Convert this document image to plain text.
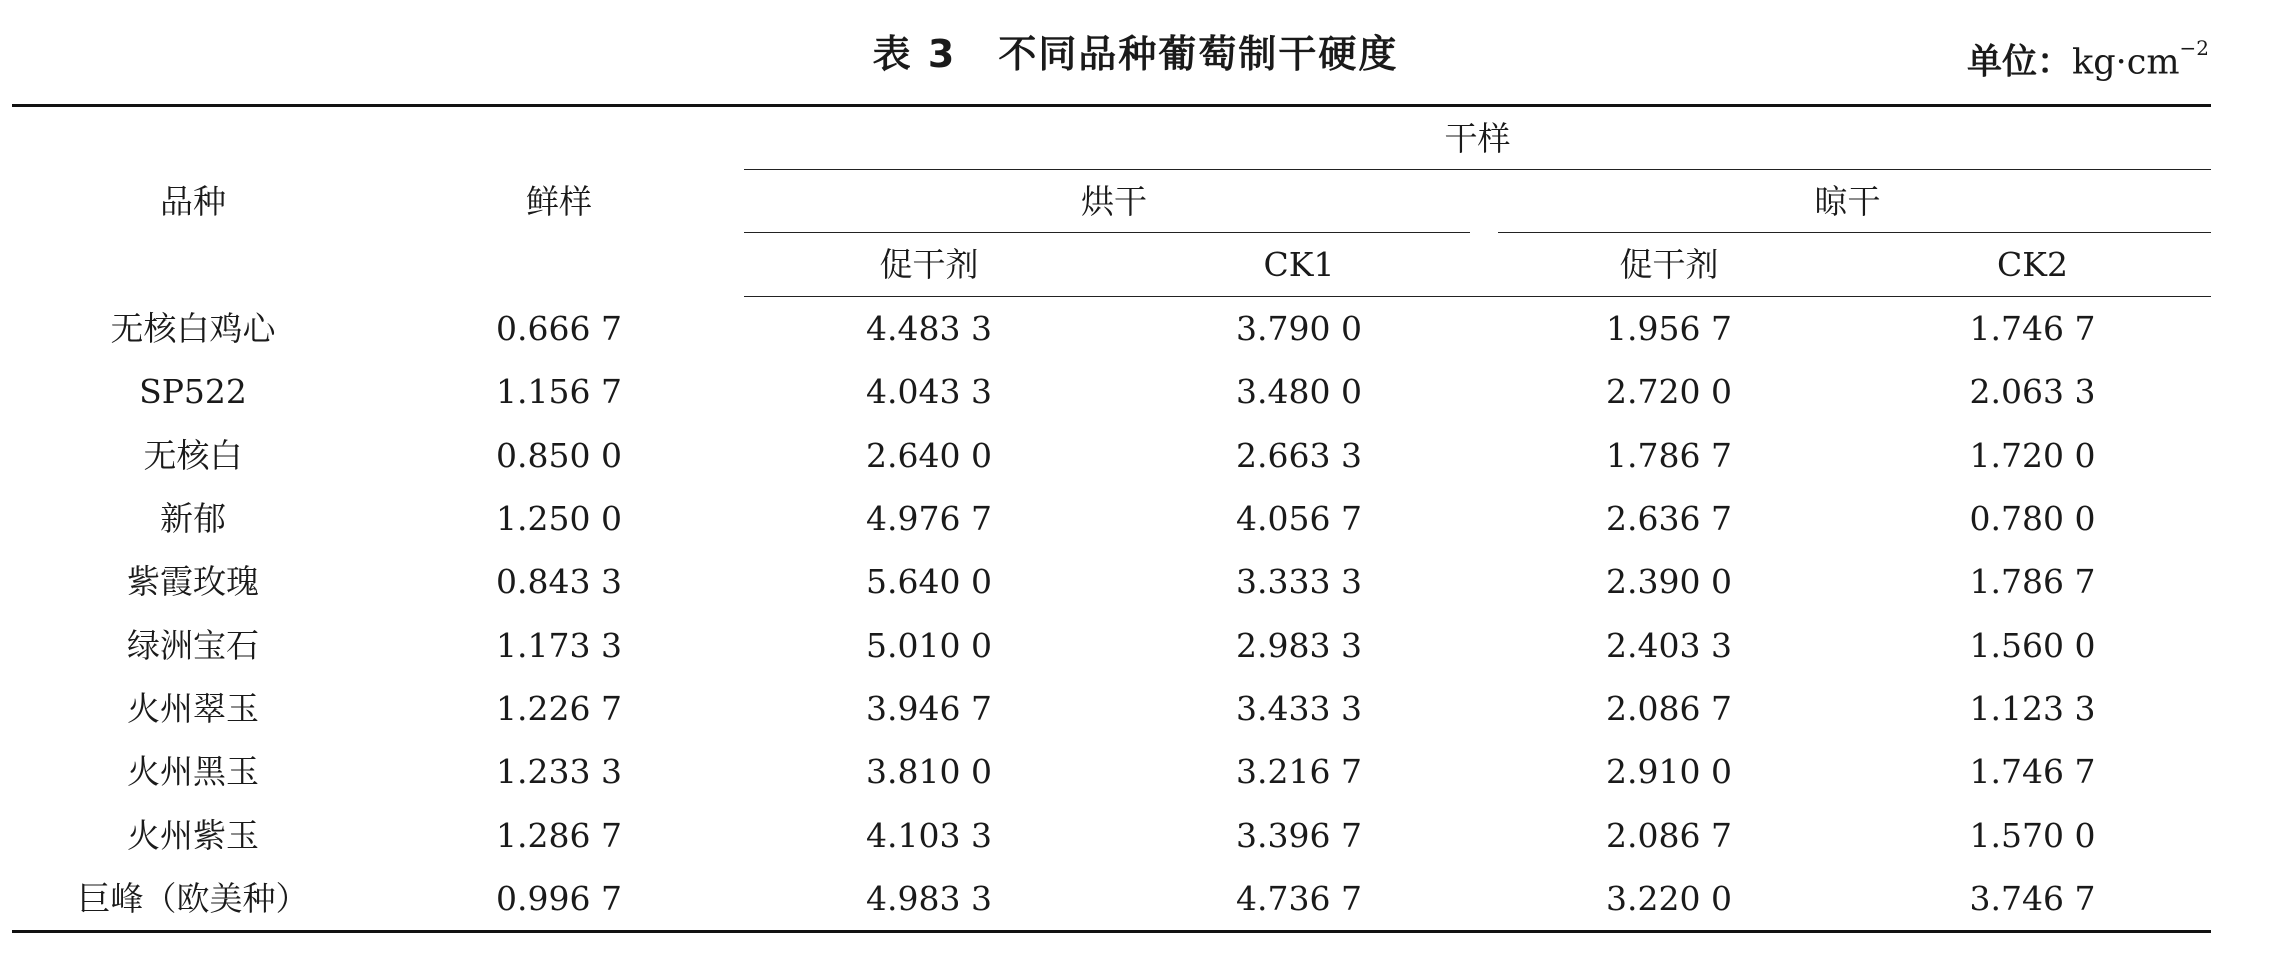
表 3 不同品种葡萄制干硬度	单位：$kg\cdot cm^{-2}$
品种	鲜样	干样			
		烘干		晾干	
		促干剂	CK1	促干剂	CK2
无核白鸡心	0.666 7	4.483 3	3.790 0	1.956 7	1.746 7
SP522	1.156 7	4.043 3	3.480 0	2.720 0	2.063 3
无核白	0.850 0	2.640 0	2.663 3	1.786 7	1.720 0
新郁	1.250 0	4.976 7	4.056 7	2.636 7	0.780 0
紫霞玫瑰	0.843 3	5.640 0	3.333 3	2.390 0	1.786 7
绿洲宝石	1.173 3	5.010 0	2.983 3	2.403 3	1.560 0
火州翠玉	1.226 7	3.946 7	3.433 3	2.086 7	1.123 3
火州黑玉	1.233 3	3.810 0	3.216 7	2.910 0	1.746 7
火州紫玉	1.286 7	4.103 3	3.396 7	2.086 7	1.570 0
巨峰（欧美种）	0.996 7	4.983 3	4.736 7	3.220 0	3.746 7
